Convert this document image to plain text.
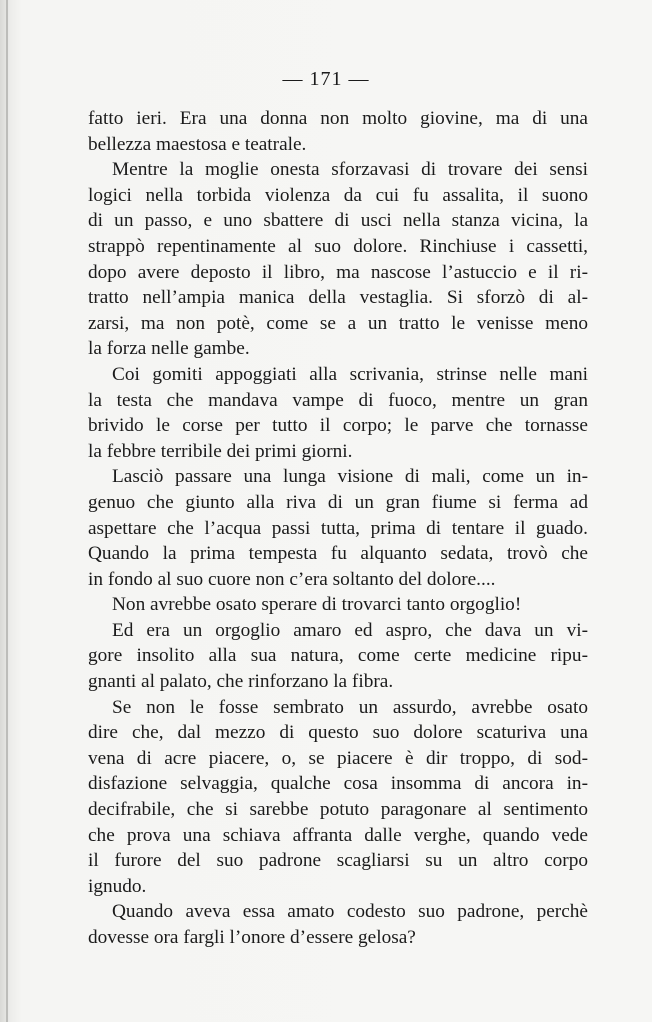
— 171 —
fatto ieri. Era una donna non molto giovine, ma di una
bellezza maestosa e teatrale.
Mentre la moglie onesta sforzavasi di trovare dei sensi
logici nella torbida violenza da cui fu assalita, il suono
di un passo, e uno sbattere di usci nella stanza vicina, la
strappò repentinamente al suo dolore. Rinchiuse i cassetti,
dopo avere deposto il libro, ma nascose l’astuccio e il ri-
tratto nell’ampia manica della vestaglia. Si sforzò di al-
zarsi, ma non potè, come se a un tratto le venisse meno
la forza nelle gambe.
Coi gomiti appoggiati alla scrivania, strinse nelle mani
la testa che mandava vampe di fuoco, mentre un gran
brivido le corse per tutto il corpo; le parve che tornasse
la febbre terribile dei primi giorni.
Lasciò passare una lunga visione di mali, come un in-
genuo che giunto alla riva di un gran fiume si ferma ad
aspettare che l’acqua passi tutta, prima di tentare il guado.
Quando la prima tempesta fu alquanto sedata, trovò che
in fondo al suo cuore non c’era soltanto del dolore....
Non avrebbe osato sperare di trovarci tanto orgoglio!
Ed era un orgoglio amaro ed aspro, che dava un vi-
gore insolito alla sua natura, come certe medicine ripu-
gnanti al palato, che rinforzano la fibra.
Se non le fosse sembrato un assurdo, avrebbe osato
dire che, dal mezzo di questo suo dolore scaturiva una
vena di acre piacere, o, se piacere è dir troppo, di sod-
disfazione selvaggia, qualche cosa insomma di ancora in-
decifrabile, che si sarebbe potuto paragonare al sentimento
che prova una schiava affranta dalle verghe, quando vede
il furore del suo padrone scagliarsi su un altro corpo
ignudo.
Quando aveva essa amato codesto suo padrone, perchè
dovesse ora fargli l’onore d’essere gelosa?
